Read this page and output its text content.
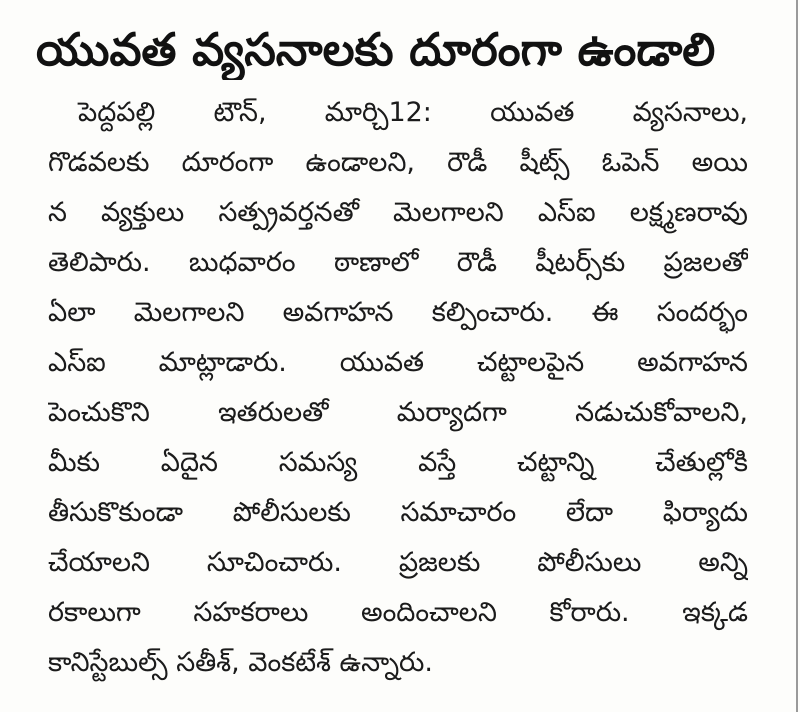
యువత వ్యసనాలకు దూరంగా ఉండాలి
పెద్దపల్లి టౌన్, మార్చి12: యువత వ్యసనాలు,
గొడవలకు దూరంగా ఉండాలని, రౌడీ షీట్స్ ఓపెన్ అయి
న వ్యక్తులు సత్ప్రవర్తనతో మెలగాలని ఎస్ఐ లక్ష్మణరావు
తెలిపారు. బుధవారం ఠాణాలో రౌడీ షీటర్స్‌కు ప్రజలతో
ఏలా మెలగాలని అవగాహన కల్పించారు. ఈ సందర్భం
ఎస్ఐ మాట్లాడారు. యువత చట్టాలపైన అవగాహన
పెంచుకొని ఇతరులతో మర్యాదగా నడుచుకోవాలని,
మీకు ఏదైన సమస్య వస్తే చట్టాన్ని చేతుల్లోకి
తీసుకొకుండా పోలీసులకు సమాచారం లేదా ఫిర్యాదు
చేయాలని సూచించారు. ప్రజలకు పోలీసులు అన్ని
రకాలుగా సహకరాలు అందించాలని కోరారు. ఇక్కడ
కానిస్టేబుల్స్ సతీశ్, వెంకటేశ్ ఉన్నారు.
